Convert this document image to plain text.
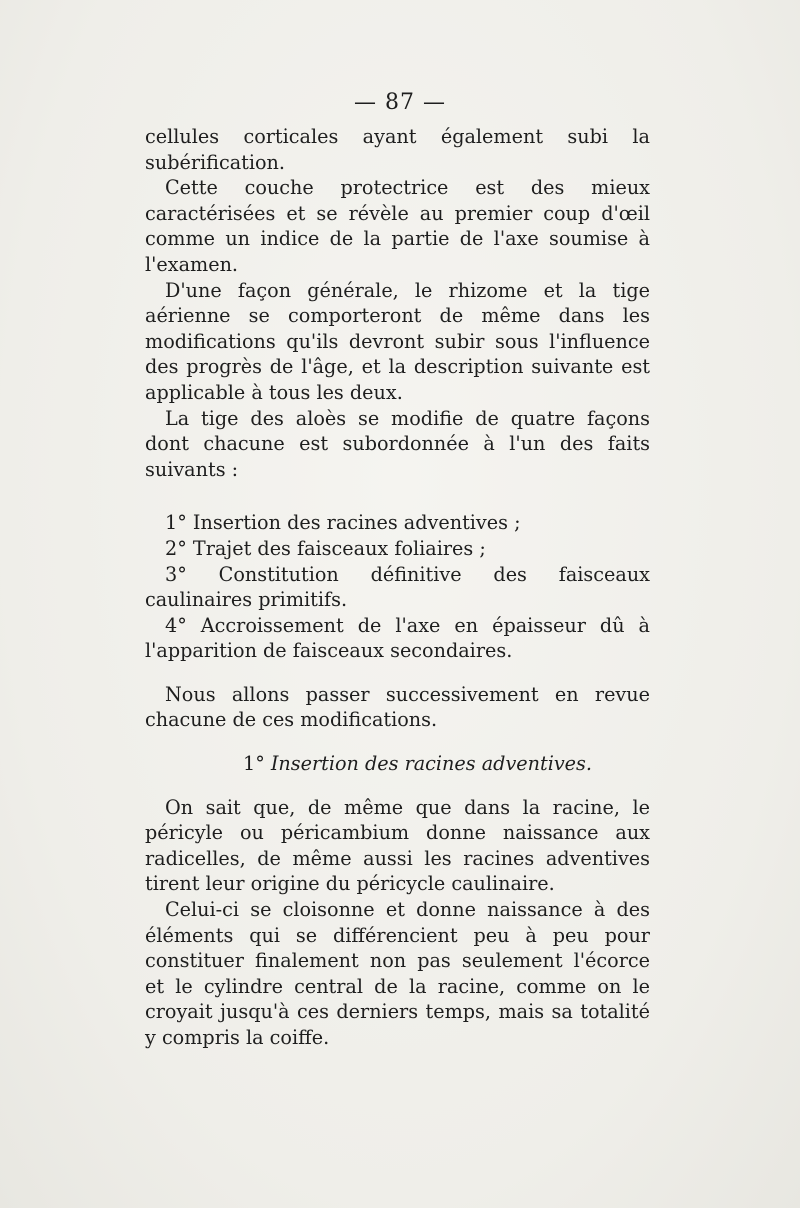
— 87 —

cellules corticales ayant également subi la subérification.

Cette couche protectrice est des mieux caractérisées et se révèle au premier coup d'œil comme un indice de la partie de l'axe soumise à l'examen.

D'une façon générale, le rhizome et la tige aérienne se comporteront de même dans les modifications qu'ils devront subir sous l'influence des progrès de l'âge, et la description suivante est applicable à tous les deux.

La tige des aloès se modifie de quatre façons dont chacune est subordonnée à l'un des faits suivants :

1° Insertion des racines adventives ;

2° Trajet des faisceaux foliaires ;

3° Constitution définitive des faisceaux caulinaires primitifs.

4° Accroissement de l'axe en épaisseur dû à l'apparition de faisceaux secondaires.

Nous allons passer successivement en revue chacune de ces modifications.

1° Insertion des racines adventives.

On sait que, de même que dans la racine, le péricyle ou péricambium donne naissance aux radicelles, de même aussi les racines adventives tirent leur origine du péricycle caulinaire.

Celui-ci se cloisonne et donne naissance à des éléments qui se différencient peu à peu pour constituer finalement non pas seulement l'écorce et le cylindre central de la racine, comme on le croyait jusqu'à ces derniers temps, mais sa totalité y compris la coiffe.
